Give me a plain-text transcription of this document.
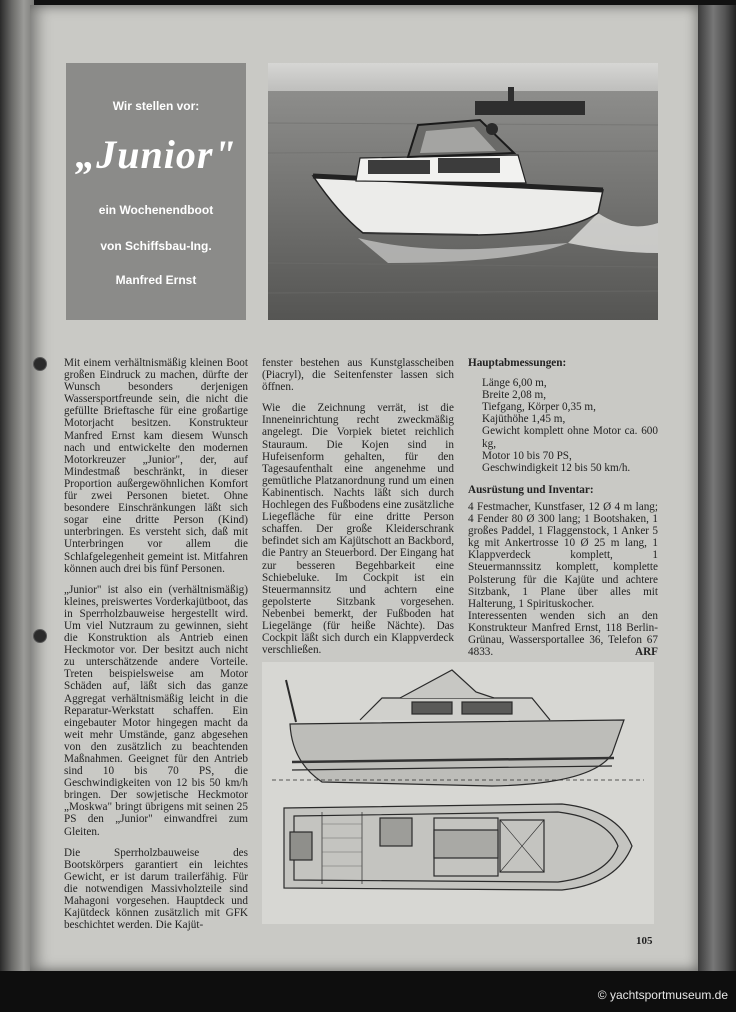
Wir stellen vor:
„Junior"
ein Wochenendboot
von Schiffsbau-Ing.
Manfred Ernst

Mit einem verhältnismäßig kleinen Boot großen Eindruck zu machen, dürfte der Wunsch besonders derjenigen Wassersportfreunde sein, die nicht die gefüllte Brieftasche für eine großartige Motorjacht besitzen. Konstrukteur Manfred Ernst kam diesem Wunsch nach und entwickelte den modernen Motorkreuzer „Junior", der, auf Mindestmaß beschränkt, in dieser Proportion außergewöhnlichen Komfort für zwei Personen bietet. Ohne besondere Einschränkungen läßt sich sogar eine dritte Person (Kind) unterbringen. Es versteht sich, daß mit Unterbringen vor allem die Schlafgelegenheit gemeint ist. Mitfahren können auch drei bis fünf Personen.

„Junior" ist also ein (verhältnismäßig) kleines, preiswertes Vorderkajütboot, das in Sperrholzbauweise hergestellt wird. Um viel Nutzraum zu gewinnen, sieht die Konstruktion als Antrieb einen Heckmotor vor. Der besitzt auch nicht zu unterschätzende andere Vorteile. Treten beispielsweise am Motor Schäden auf, läßt sich das ganze Aggregat verhältnismäßig leicht in die Reparatur-Werkstatt schaffen. Ein eingebauter Motor hingegen macht da weit mehr Umstände, ganz abgesehen von den zusätzlich zu beachtenden Maßnahmen. Geeignet für den Antrieb sind 10 bis 70 PS, die Geschwindigkeiten von 12 bis 50 km/h bringen. Der sowjetische Heckmotor „Moskwa" bringt übrigens mit seinen 25 PS den „Junior" einwandfrei zum Gleiten.

Die Sperrholzbauweise des Bootskörpers garantiert ein leichtes Gewicht, er ist darum trailerfähig. Für die notwendigen Massivholzteile sind Mahagoni vorgesehen. Hauptdeck und Kajütdeck können zusätzlich mit GFK beschichtet werden. Die Kajüt-

fenster bestehen aus Kunstglasscheiben (Piacryl), die Seitenfenster lassen sich öffnen.

Wie die Zeichnung verrät, ist die Inneneinrichtung recht zweckmäßig angelegt. Die Vorpiek bietet reichlich Stauraum. Die Kojen sind in Hufeisenform gehalten, für den Tagesaufenthalt eine angenehme und gemütliche Platzanordnung rund um einen Kabinentisch. Nachts läßt sich durch Hochlegen des Fußbodens eine zusätzliche Liegefläche für eine dritte Person schaffen. Der große Kleiderschrank befindet sich am Kajütschott an Backbord, die Pantry an Steuerbord. Der Eingang hat zur besseren Begehbarkeit eine Schiebeluke. Im Cockpit ist ein Steuermannsitz und achtern eine gepolsterte Sitzbank vorgesehen. Nebenbei bemerkt, der Fußboden hat Liegelänge (für heiße Nächte). Das Cockpit läßt sich durch ein Klappverdeck verschließen.

Hauptabmessungen:
Länge 6,00 m,
Breite 2,08 m,
Tiefgang, Körper 0,35 m,
Kajüthöhe 1,45 m,
Gewicht komplett ohne Motor ca. 600 kg,
Motor 10 bis 70 PS,
Geschwindigkeit 12 bis 50 km/h.
Ausrüstung und Inventar:
4 Festmacher, Kunstfaser, 12 Ø 4 m lang; 4 Fender 80 Ø 300 lang; 1 Bootshaken, 1 großes Paddel, 1 Flaggenstock, 1 Anker 5 kg mit Ankertrosse 10 Ø 25 m lang, 1 Klappverdeck komplett, 1 Steuermannssitz komplett, komplette Polsterung für die Kajüte und achtere Sitzbank, 1 Plane über alles mit Halterung, 1 Spirituskocher.
Interessenten wenden sich an den Konstrukteur Manfred Ernst, 118 Berlin-Grünau, Wassersportallee 36, Telefon 67 4833.	ARF
105
© yachtsportmuseum.de
